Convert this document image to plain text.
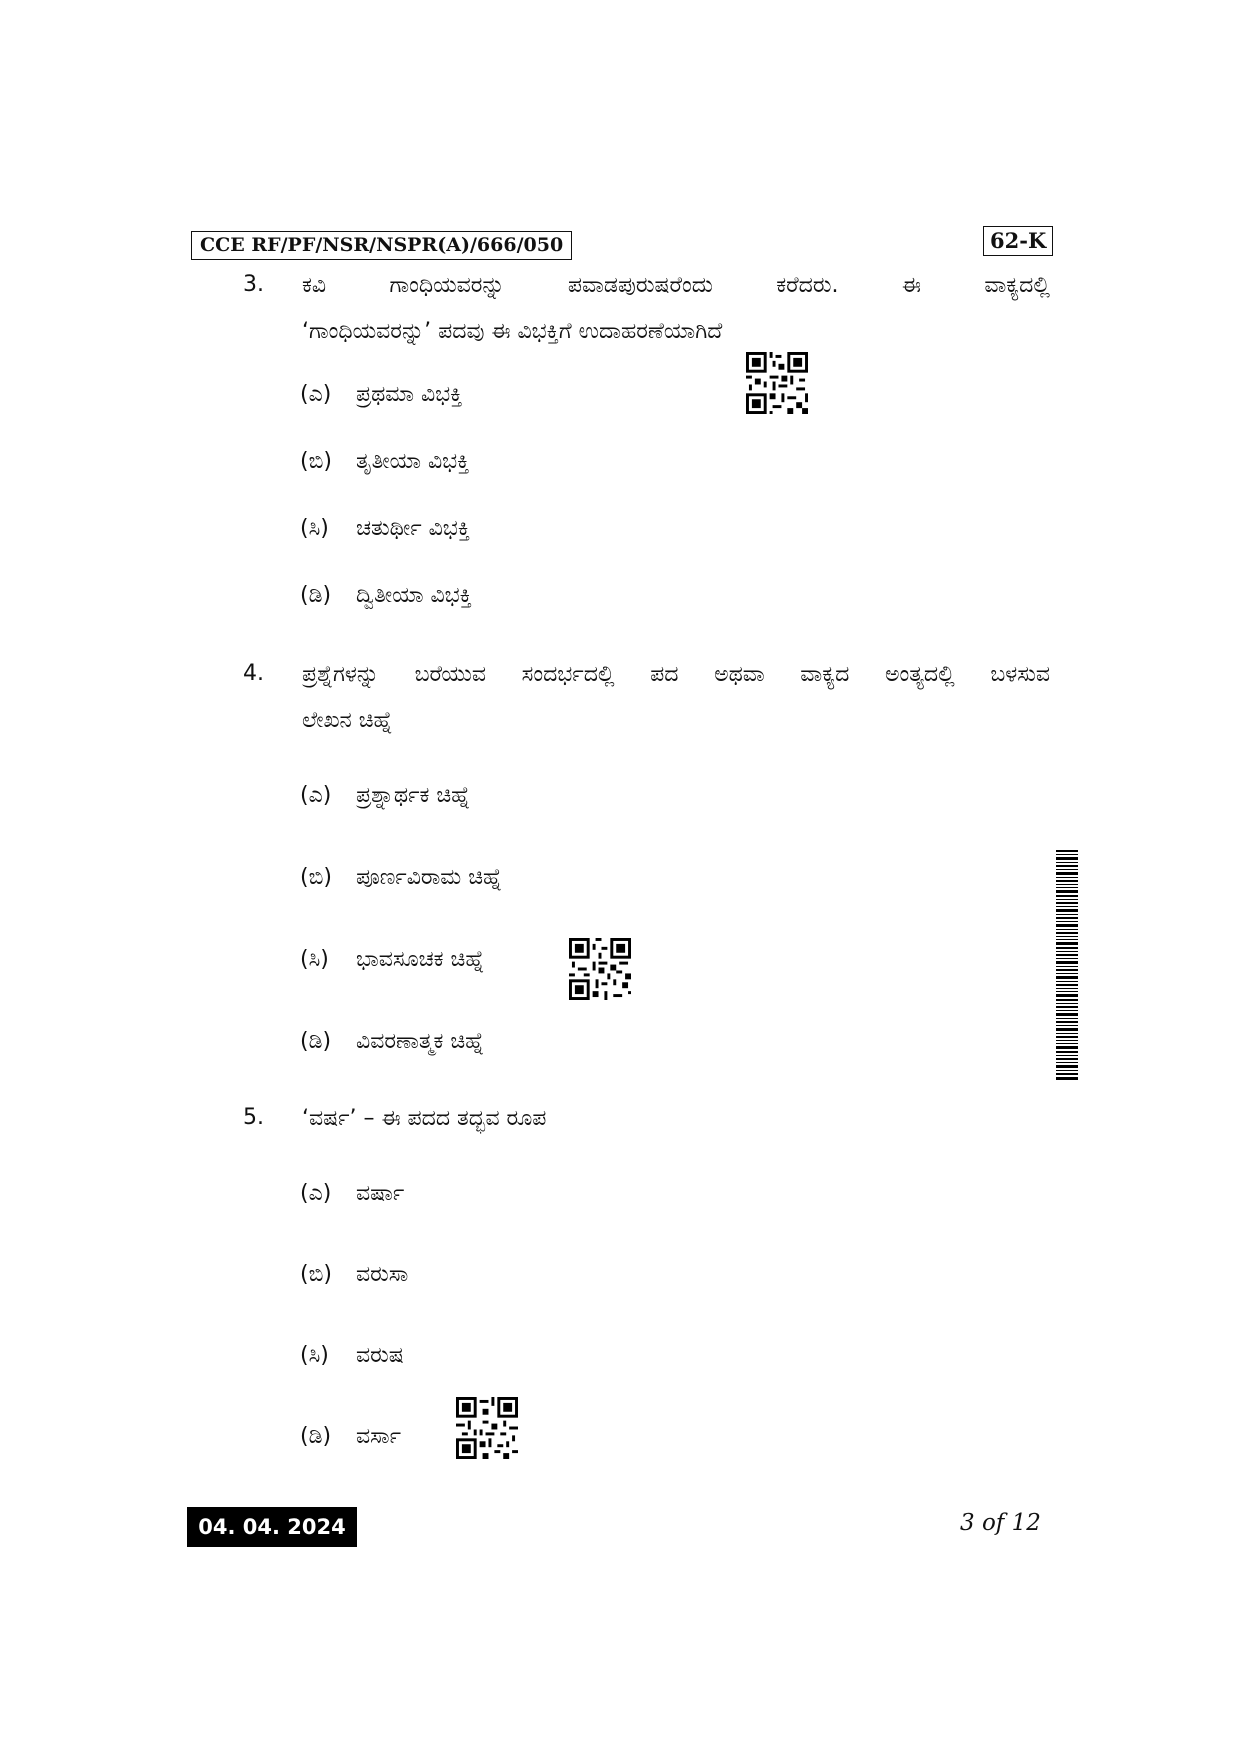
CCE RF/PF/NSR/NSPR(A)/666/050	62-K
3. ಕವಿ ಗಾಂಧಿಯವರನ್ನು ಪವಾಡಪುರುಷರೆಂದು ಕರೆದರು. ಈ ವಾಕ್ಯದಲ್ಲಿ
‘ಗಾಂಧಿಯವರನ್ನು’ ಪದವು ಈ ವಿಭಕ್ತಿಗೆ ಉದಾಹರಣೆಯಾಗಿದೆ
(ಎ) ಪ್ರಥಮಾ ವಿಭಕ್ತಿ
(ಬಿ) ತೃತೀಯಾ ವಿಭಕ್ತಿ
(ಸಿ) ಚತುರ್ಥೀ ವಿಭಕ್ತಿ
(ಡಿ) ದ್ವಿತೀಯಾ ವಿಭಕ್ತಿ
4. ಪ್ರಶ್ನೆಗಳನ್ನು ಬರೆಯುವ ಸಂದರ್ಭದಲ್ಲಿ ಪದ ಅಥವಾ ವಾಕ್ಯದ ಅಂತ್ಯದಲ್ಲಿ ಬಳಸುವ
ಲೇಖನ ಚಿಹ್ನೆ
(ಎ) ಪ್ರಶ್ನಾರ್ಥಕ ಚಿಹ್ನೆ
(ಬಿ) ಪೂರ್ಣವಿರಾಮ ಚಿಹ್ನೆ
(ಸಿ) ಭಾವಸೂಚಕ ಚಿಹ್ನೆ
(ಡಿ) ವಿವರಣಾತ್ಮಕ ಚಿಹ್ನೆ
5. ‘ವರ್ಷ’ – ಈ ಪದದ ತದ್ಭವ ರೂಪ
(ಎ) ವರ್ಷಾ
(ಬಿ) ವರುಸಾ
(ಸಿ) ವರುಷ
(ಡಿ) ವರ್ಸಾ
04. 04. 2024	3 of 12
